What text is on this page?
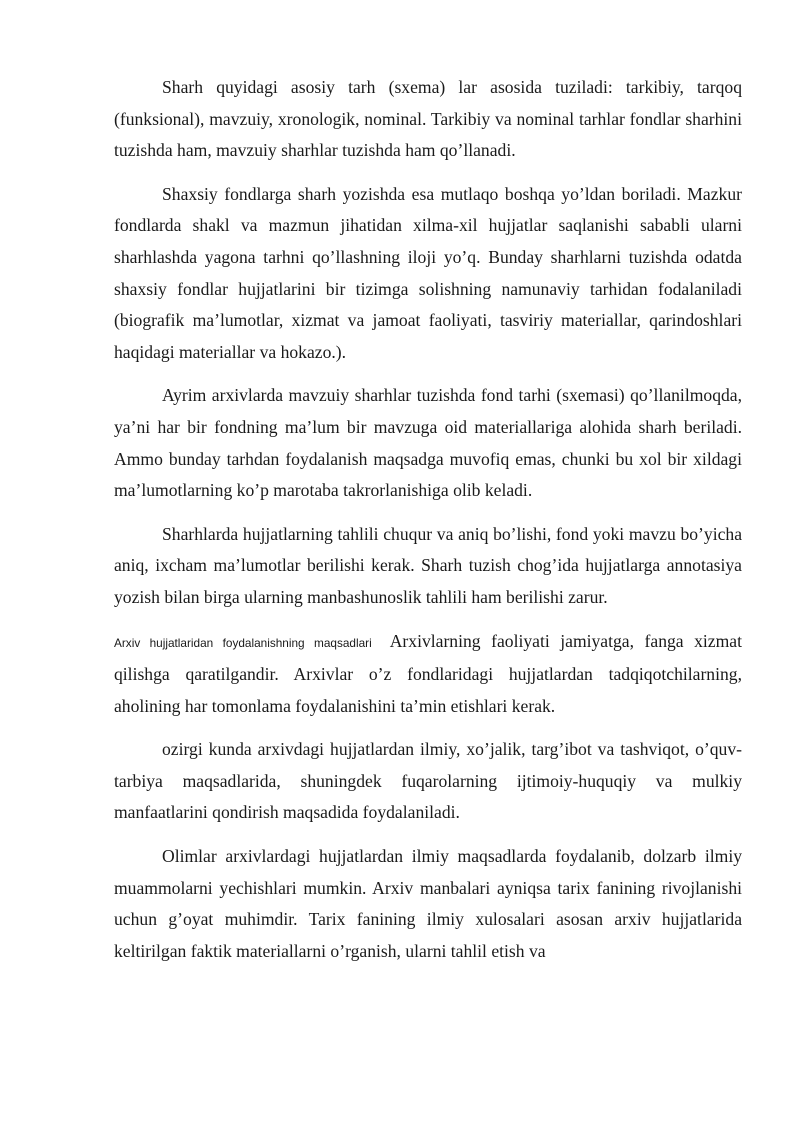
Sharh quyidagi asosiy tarh (sxema) lar asosida tuziladi: tarkibiy, tarqoq (funksional), mavzuiy, xronologik, nominal. Tarkibiy va nominal tarhlar fondlar sharhini tuzishda ham, mavzuiy sharhlar tuzishda ham qo’llanadi.

Shaxsiy fondlarga sharh yozishda esa mutlaqo boshqa yo’ldan boriladi. Mazkur fondlarda shakl va mazmun jihatidan xilma-xil hujjatlar saqlanishi sababli ularni sharhlashda yagona tarhni qo’llashning iloji yo’q. Bunday sharhlarni tuzishda odatda shaxsiy fondlar hujjatlarini bir tizimga solishning namunaviy tarhidan fodalaniladi (biografik ma’lumotlar, xizmat va jamoat faoliyati, tasviriy materiallar, qarindoshlari haqidagi materiallar va hokazo.).

Ayrim arxivlarda mavzuiy sharhlar tuzishda fond tarhi (sxemasi) qo’llanilmoqda, ya’ni har bir fondning ma’lum bir mavzuga oid materiallariga alohida sharh beriladi. Ammo bunday tarhdan foydalanish maqsadga muvofiq emas, chunki bu xol bir xildagi ma’lumotlarning ko’p marotaba takrorlanishiga olib keladi.

Sharhlarda hujjatlarning tahlili chuqur va aniq bo’lishi, fond yoki mavzu bo’yicha aniq, ixcham ma’lumotlar berilishi kerak. Sharh tuzish chog’ida hujjatlarga annotasiya yozish bilan birga ularning manbashunoslik tahlili ham berilishi zarur.

Arxiv hujjatlaridan foydalanishning maqsadlari Arxivlarning faoliyati jamiyatga, fanga xizmat qilishga qaratilgandir. Arxivlar o’z fondlaridagi hujjatlardan tadqiqotchilarning, aholining har tomonlama foydalanishini ta’min etishlari kerak.

ozirgi kunda arxivdagi hujjatlardan ilmiy, xo’jalik, targ’ibot va tashviqot, o’quv-tarbiya maqsadlarida, shuningdek fuqarolarning ijtimoiy-huquqiy va mulkiy manfaatlarini qondirish maqsadida foydalaniladi.

Olimlar arxivlardagi hujjatlardan ilmiy maqsadlarda foydalanib, dolzarb ilmiy muammolarni yechishlari mumkin. Arxiv manbalari ayniqsa tarix fanining rivojlanishi uchun g’oyat muhimdir. Tarix fanining ilmiy xulosalari asosan arxiv hujjatlarida keltirilgan faktik materiallarni o’rganish, ularni tahlil etish va
